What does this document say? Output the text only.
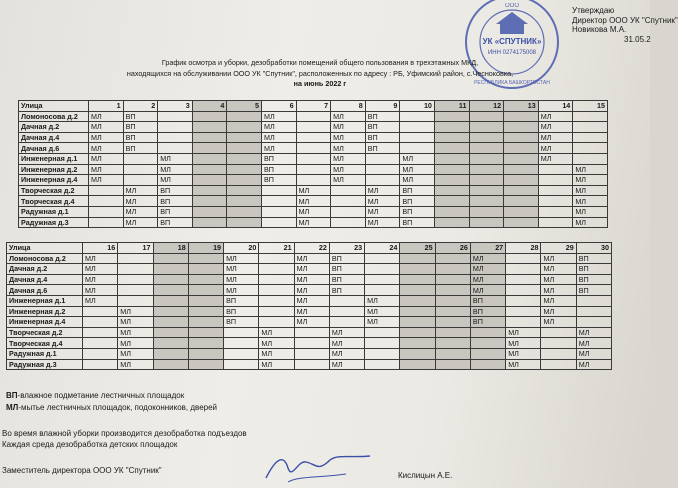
ООО
УК «СПУТНИК»
ИНН 0274175008
РЕСПУБЛИКА БАШКОРТОСТАН
Утверждаю
Директор ООО УК "Спутник"
Новикова М.А.
31.05.2
График осмотра и уборки, дезобработки помещений общего пользования в трехэтажных МКД,
находящихся на обслуживании ООО УК "Спутник", расположенных по адресу : РБ, Уфимский район, с.Чесноковка,
на июнь 2022 г
Улица	1	2	3	4	5	6	7	8	9	10	11	12	13	14	15
Ломоносова д.2	МЛ	ВП				МЛ		МЛ	ВП					МЛ	
Дачная д.2	МЛ	ВП				МЛ		МЛ	ВП					МЛ	
Дачная д.4	МЛ	ВП				МЛ		МЛ	ВП					МЛ	
Дачная д.6	МЛ	ВП				МЛ		МЛ	ВП					МЛ	
Инженерная д.1	МЛ		МЛ			ВП		МЛ		МЛ				МЛ	
Инженерная д.2	МЛ		МЛ			ВП		МЛ		МЛ					МЛ
Инженерная д.4	МЛ		МЛ			ВП		МЛ		МЛ					МЛ
Творческая д.2		МЛ	ВП				МЛ		МЛ	ВП					МЛ
Творческая д.4		МЛ	ВП				МЛ		МЛ	ВП					МЛ
Радужная д.1		МЛ	ВП				МЛ		МЛ	ВП					МЛ
Радужная д.3		МЛ	ВП				МЛ		МЛ	ВП					МЛ
Улица	16	17	18	19	20	21	22	23	24	25	26	27	28	29	30
Ломоносова д.2	МЛ				МЛ		МЛ	ВП				МЛ		МЛ	ВП
Дачная д.2	МЛ				МЛ		МЛ	ВП				МЛ		МЛ	ВП
Дачная д.4	МЛ				МЛ		МЛ	ВП				МЛ		МЛ	ВП
Дачная д.6	МЛ				МЛ		МЛ	ВП				МЛ		МЛ	ВП
Инженерная д.1	МЛ				ВП		МЛ		МЛ			ВП		МЛ	
Инженерная д.2		МЛ			ВП		МЛ		МЛ			ВП		МЛ	
Инженерная д.4		МЛ			ВП		МЛ		МЛ			ВП		МЛ	
Творческая д.2		МЛ				МЛ		МЛ					МЛ		МЛ
Творческая д.4		МЛ				МЛ		МЛ					МЛ		МЛ
Радужная д.1		МЛ				МЛ		МЛ					МЛ		МЛ
Радужная д.3		МЛ				МЛ		МЛ					МЛ		МЛ
ВП-влажное подметание лестничных площадок
МЛ-мытье лестничных площадок, подоконников, дверей
Во время влажной уборки производится дезобработка подъездов
Каждая среда дезобработка детских площадок
Заместитель директора ООО УК "Спутник"
Кислицын А.Е.
